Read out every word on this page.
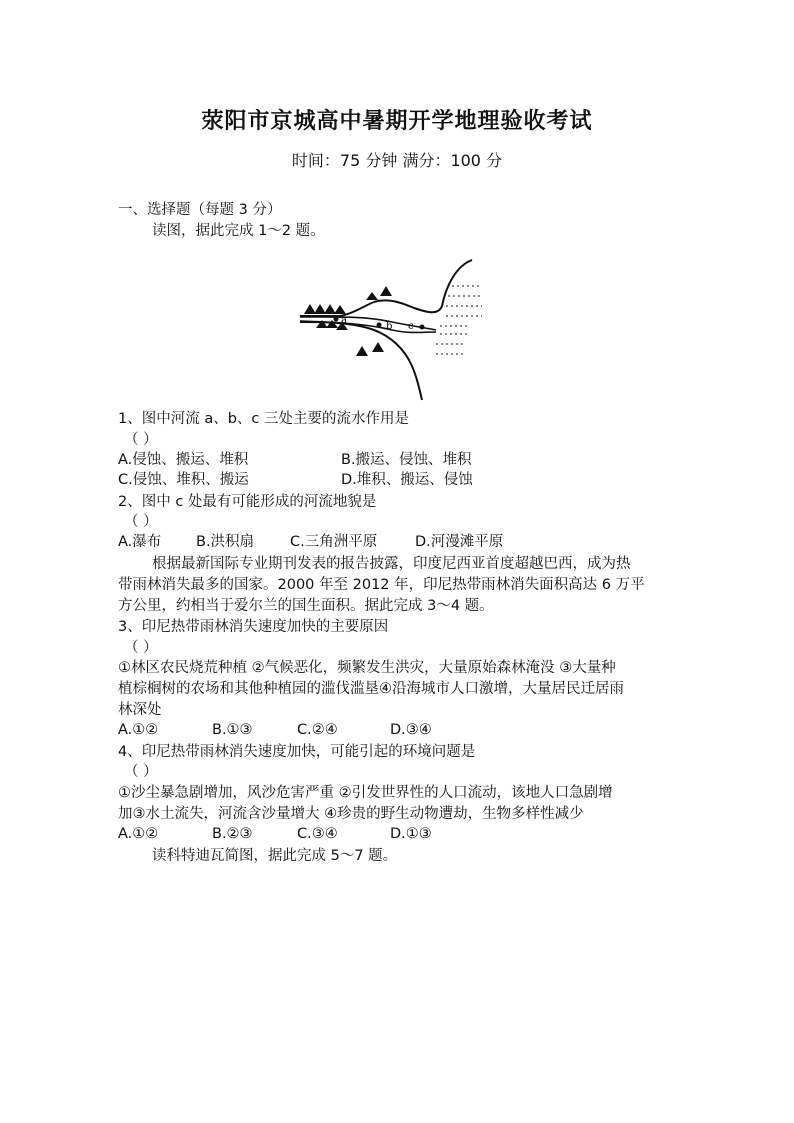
荥阳市京城高中暑期开学地理验收考试
时间：75 分钟 满分：100 分
一、选择题（每题 3 分）
读图，据此完成 1～2 题。
a
b c
1、图中河流 a、b、c 三处主要的流水作用是
（ ）
A.侵蚀、搬运、堆积	B.搬运、侵蚀、堆积
C.侵蚀、堆积、搬运	D.堆积、搬运、侵蚀
2、图中 c 处最有可能形成的河流地貌是
（ ）
A.瀑布 B.洪积扇 C.三角洲平原	D.河漫滩平原
根据最新国际专业期刊发表的报告披露，印度尼西亚首度超越巴西，成为热
带雨林消失最多的国家。2000 年至 2012 年，印尼热带雨林消失面积高达 6 万平
方公里，约相当于爱尔兰的国生面积。据此完成 3～4 题。
3、印尼热带雨林消失速度加快的主要原因
（ ）
①林区农民烧荒种植 ②气候恶化，频繁发生洪灾，大量原始森林淹没 ③大量种
植棕榈树的农场和其他种植园的滥伐滥垦④沿海城市人口激增，大量居民迁居雨
林深处
A.①②	B.①③	C.②④	D.③④
4、印尼热带雨林消失速度加快，可能引起的环境问题是
（ ）
①沙尘暴急剧增加，风沙危害严重 ②引发世界性的人口流动，该地人口急剧增
加③水土流失，河流含沙量增大 ④珍贵的野生动物遭劫，生物多样性减少
A.①②	B.②③	C.③④	D.①③
读科特迪瓦简图，据此完成 5～7 题。
